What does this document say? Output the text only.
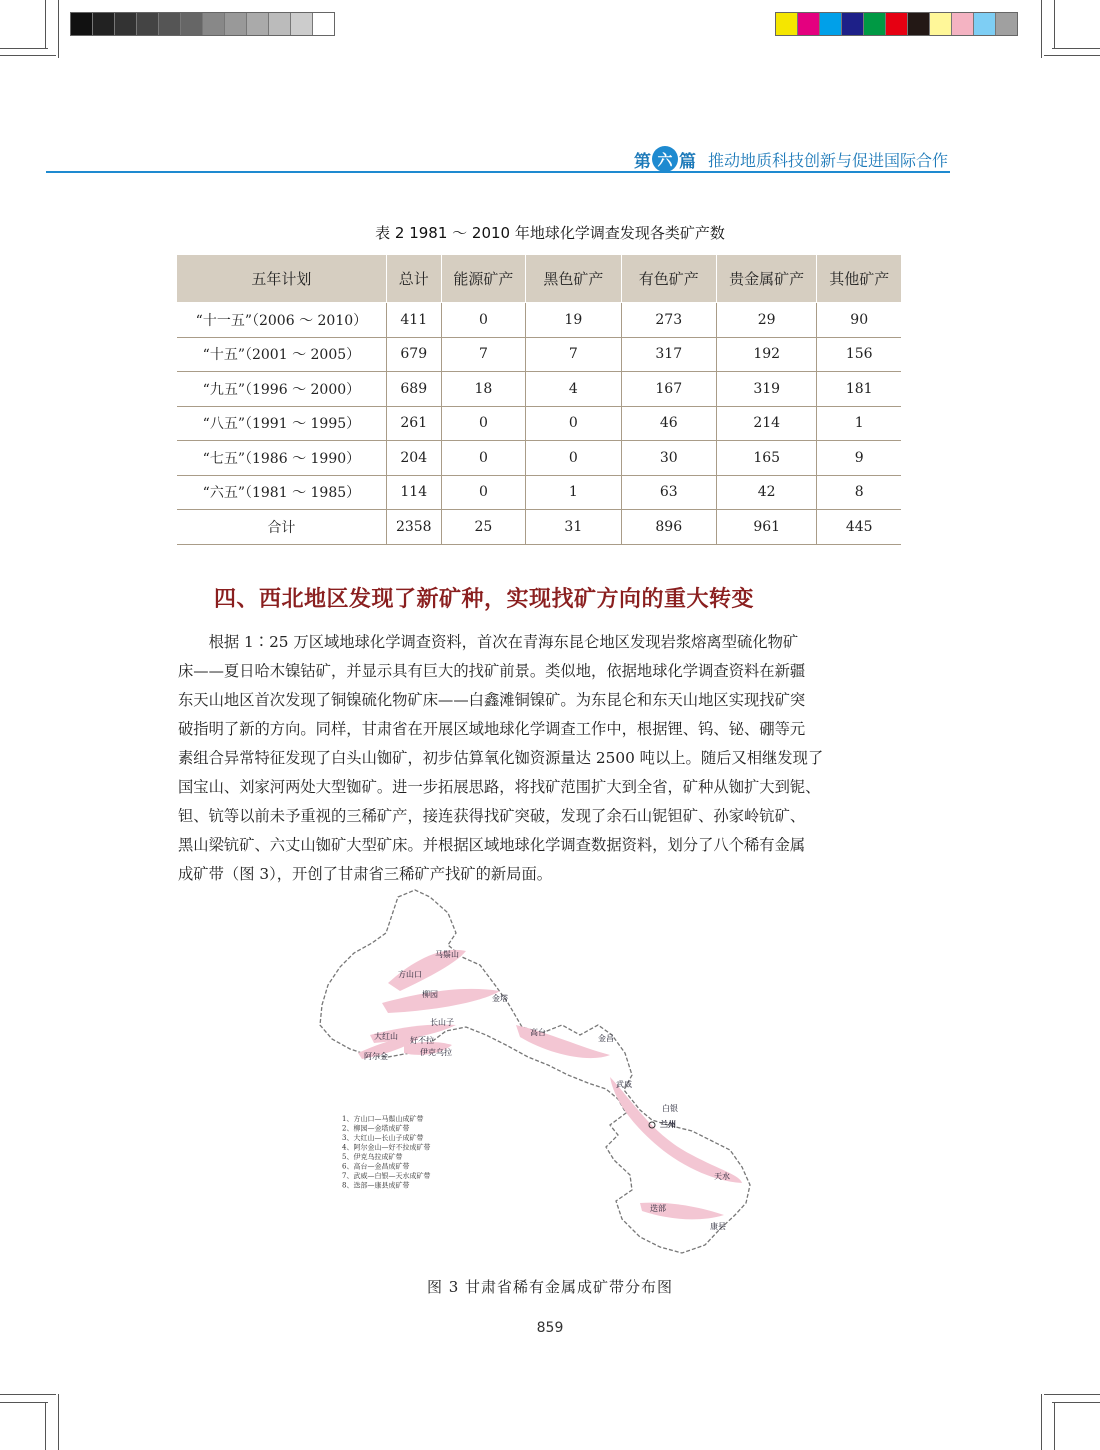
第 六 篇 推动地质科技创新与促进国际合作
表 2 1981 ～ 2010 年地球化学调查发现各类矿产数
五年计划	总计	能源矿产	黑色矿产	有色矿产	贵金属矿产	其他矿产
“十一五”（2006 ～ 2010）	411	0	19	273	29	90
“十五”（2001 ～ 2005）	679	7	7	317	192	156
“九五”（1996 ～ 2000）	689	18	4	167	319	181
“八五”（1991 ～ 1995）	261	0	0	46	214	1
“七五”（1986 ～ 1990）	204	0	0	30	165	9
“六五”（1981 ～ 1985）	114	0	1	63	42	8
合计	2358	25	31	896	961	445
四、西北地区发现了新矿种，实现找矿方向的重大转变

　　根据 1∶25 万区域地球化学调查资料，首次在青海东昆仑地区发现岩浆熔离型硫化物矿

床——夏日哈木镍钴矿，并显示具有巨大的找矿前景。类似地，依据地球化学调查资料在新疆

东天山地区首次发现了铜镍硫化物矿床——白鑫滩铜镍矿。为东昆仑和东天山地区实现找矿突

破指明了新的方向。同样，甘肃省在开展区域地球化学调查工作中，根据锂、钨、铋、硼等元

素组合异常特征发现了白头山铷矿，初步估算氧化铷资源量达 2500 吨以上。随后又相继发现了

国宝山、刘家河两处大型铷矿。进一步拓展思路，将找矿范围扩大到全省，矿种从铷扩大到铌、

钽、钪等以前未予重视的三稀矿产，接连获得找矿突破，发现了余石山铌钽矿、孙家岭钪矿、

黑山梁钪矿、六丈山铷矿大型矿床。并根据区域地球化学调查数据资料，划分了八个稀有金属

成矿带（图 3），开创了甘肃省三稀矿产找矿的新局面。

马鬃山
方山口
柳园	金塔
长山子
大红山 好不拉
伊克乌拉
阿尔金
高台
金昌
武威
白银
兰州
天水
迭部
康县
1、方山口—马鬃山成矿带
2、柳园—金塔成矿带
3、大红山—长山子成矿带
4、阿尔金山—好不拉成矿带
5、伊克乌拉成矿带
6、高台—金昌成矿带
7、武威—白银—天水成矿带
8、迭部—康县成矿带
图 3 甘肃省稀有金属成矿带分布图
859
